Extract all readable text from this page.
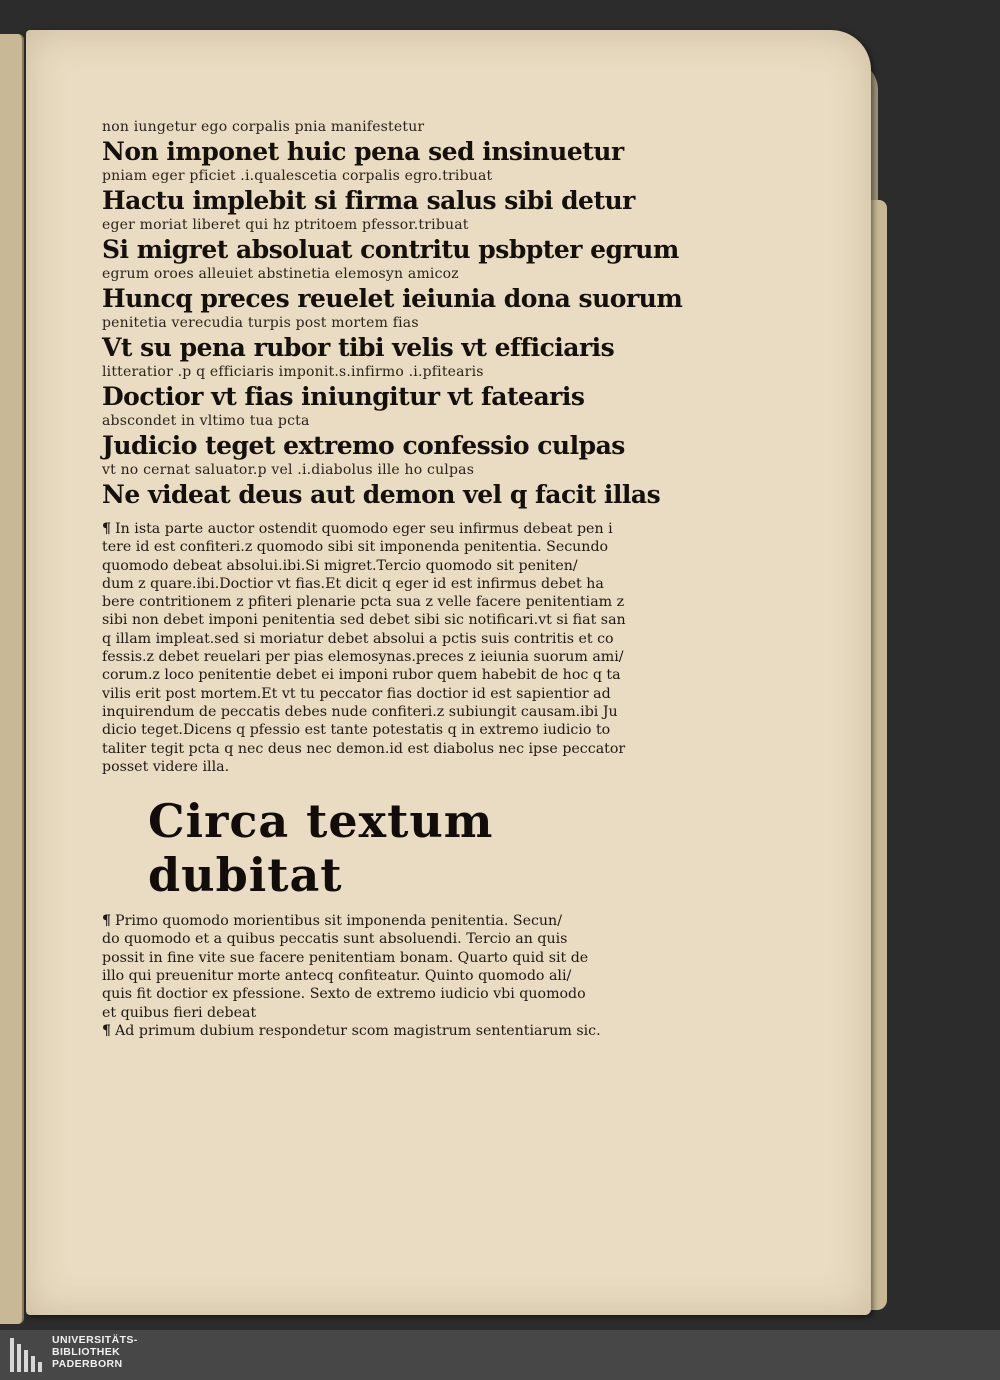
non iungetur ego corpalis pnia manifestetur

Non imponet huic pena sed insinuetur

pniam eger pficiet .i.qualescetia corpalis egro.tribuat

Hactu implebit si firma salus sibi detur

eger moriat liberet qui hz ptritoem pfessor.tribuat

Si migret absoluat contritu psbpter egrum

egrum oroes alleuiet abstinetia elemosyn amicoz

Huncq preces reuelet ieiunia dona suorum

penitetia verecudia turpis post mortem fias

Vt su pena rubor tibi velis vt efficiaris

litteratior .p q efficiaris imponit.s.infirmo .i.pfitearis

Doctior vt fias iniungitur vt fatearis

abscondet in vltimo tua pcta

Judicio teget extremo confessio culpas

vt no cernat saluator.p vel .i.diabolus ille ho culpas

Ne videat deus aut demon vel q facit illas

¶ In ista parte auctor ostendit quomodo eger seu infirmus debeat pen i

tere id est confiteri.z quomodo sibi sit imponenda penitentia. Secundo

quomodo debeat absolui.ibi.Si migret.Tercio quomodo sit peniten/

dum z quare.ibi.Doctior vt fias.Et dicit q eger id est infirmus debet ha

bere contritionem z pfiteri plenarie pcta sua z velle facere penitentiam z

sibi non debet imponi penitentia sed debet sibi sic notificari.vt si fiat san

q illam impleat.sed si moriatur debet absolui a pctis suis contritis et co

fessis.z debet reuelari per pias elemosynas.preces z ieiunia suorum ami/

corum.z loco penitentie debet ei imponi rubor quem habebit de hoc q ta

vilis erit post mortem.Et vt tu peccator fias doctior id est sapientior ad

inquirendum de peccatis debes nude confiteri.z subiungit causam.ibi Ju

dicio teget.Dicens q pfessio est tante potestatis q in extremo iudicio to

taliter tegit pcta q nec deus nec demon.id est diabolus nec ipse peccator

posset videre illa.

Circa textum dubitat

¶ Primo quomodo morientibus sit imponenda penitentia. Secun/

do quomodo et a quibus peccatis sunt absoluendi. Tercio an quis

possit in fine vite sue facere penitentiam bonam. Quarto quid sit de

illo qui preuenitur morte antecq confiteatur. Quinto quomodo ali/

quis fit doctior ex pfessione. Sexto de extremo iudicio vbi quomodo

et quibus fieri debeat

¶ Ad primum dubium respondetur scom magistrum sententiarum sic.

UNIVERSITÄTS-
BIBLIOTHEK
PADERBORN
